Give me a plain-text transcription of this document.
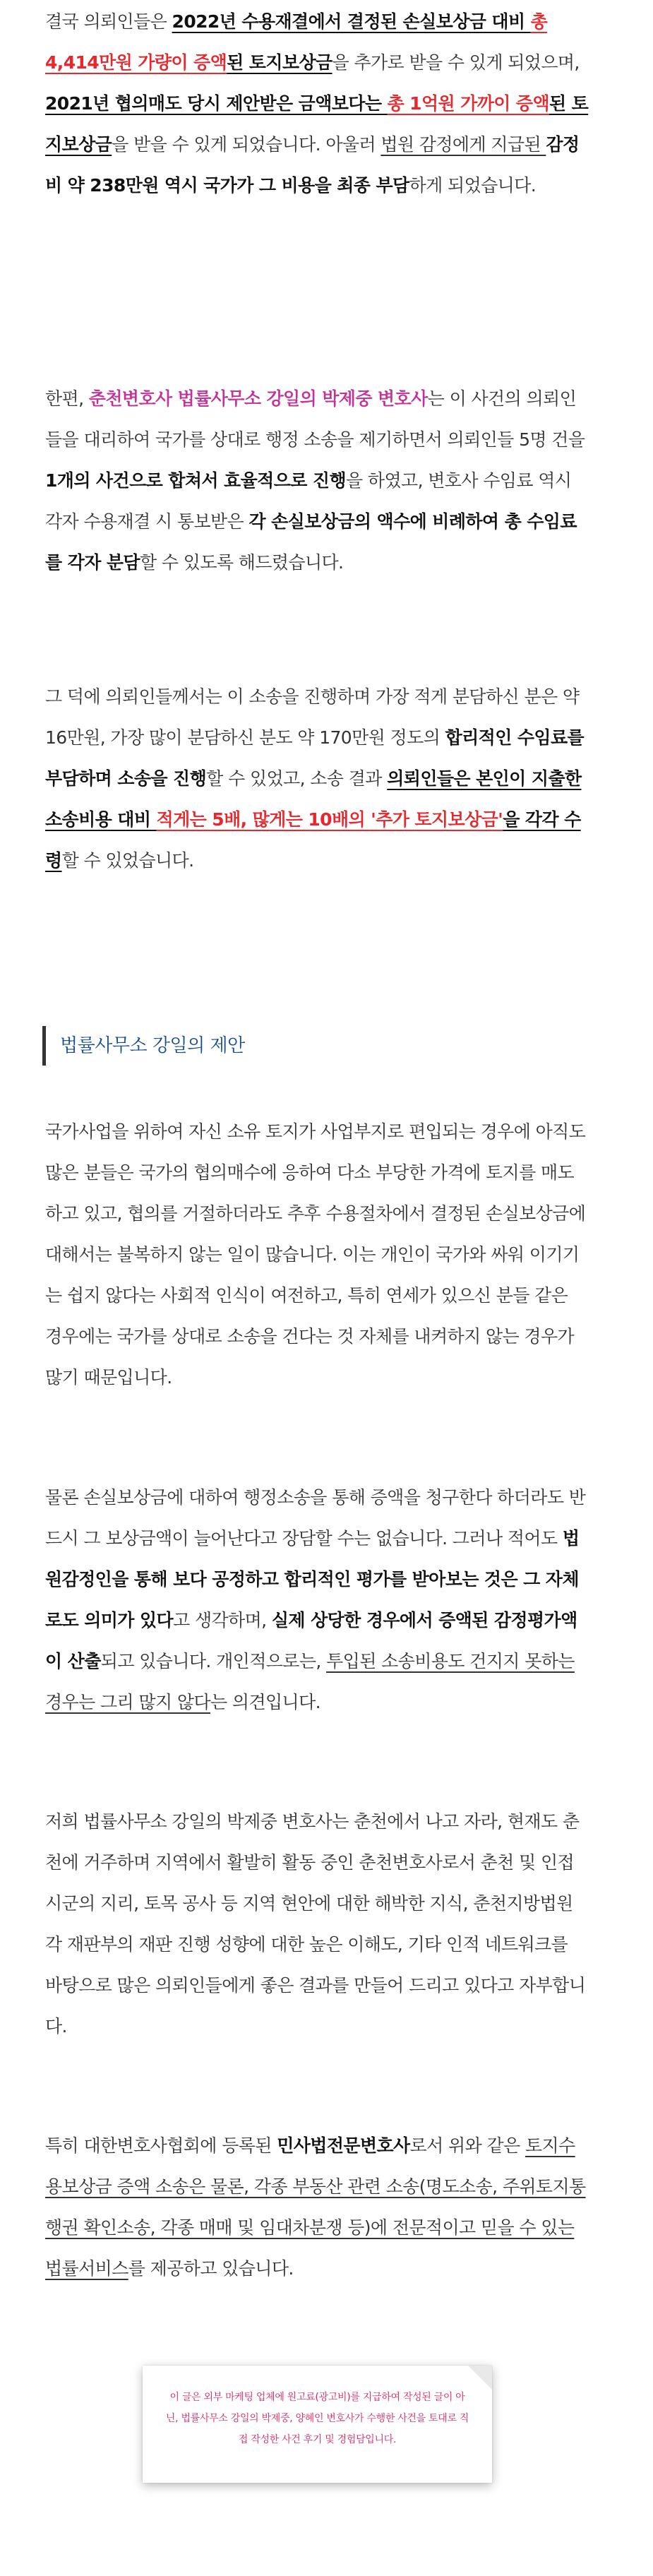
결국 의뢰인들은 2022년 수용재결에서 결정된 손실보상금 대비 총 4,414만원 가량이 증액된 토지보상금을 추가로 받을 수 있게 되었으며, 2021년 협의매도 당시 제안받은 금액보다는 총 1억원 가까이 증액된 토지보상금을 받을 수 있게 되었습니다. 아울러 법원 감정에게 지급된 감정비 약 238만원 역시 국가가 그 비용을 최종 부담하게 되었습니다.

한편, 춘천변호사 법률사무소 강일의 박제중 변호사는 이 사건의 의뢰인들을 대리하여 국가를 상대로 행정 소송을 제기하면서 의뢰인들 5명 건을 1개의 사건으로 합쳐서 효율적으로 진행을 하였고, 변호사 수임료 역시 각자 수용재결 시 통보받은 각 손실보상금의 액수에 비례하여 총 수임료를 각자 분담할 수 있도록 해드렸습니다.

그 덕에 의뢰인들께서는 이 소송을 진행하며 가장 적게 분담하신 분은 약 16만원, 가장 많이 분담하신 분도 약 170만원 정도의 합리적인 수임료를 부담하며 소송을 진행할 수 있었고, 소송 결과 의뢰인들은 본인이 지출한 소송비용 대비 적게는 5배, 많게는 10배의 '추가 토지보상금'을 각각 수령할 수 있었습니다.

국가사업을 위하여 자신 소유 토지가 사업부지로 편입되는 경우에 아직도 많은 분들은 국가의 협의매수에 응하여 다소 부당한 가격에 토지를 매도하고 있고, 협의를 거절하더라도 추후 수용절차에서 결정된 손실보상금에 대해서는 불복하지 않는 일이 많습니다. 이는 개인이 국가와 싸워 이기기는 쉽지 않다는 사회적 인식이 여전하고, 특히 연세가 있으신 분들 같은 경우에는 국가를 상대로 소송을 건다는 것 자체를 내켜하지 않는 경우가 많기 때문입니다.

물론 손실보상금에 대하여 행정소송을 통해 증액을 청구한다 하더라도 반드시 그 보상금액이 늘어난다고 장담할 수는 없습니다. 그러나 적어도 법원감정인을 통해 보다 공정하고 합리적인 평가를 받아보는 것은 그 자체로도 의미가 있다고 생각하며, 실제 상당한 경우에서 증액된 감정평가액이 산출되고 있습니다. 개인적으로는, 투입된 소송비용도 건지지 못하는 경우는 그리 많지 않다는 의견입니다.

저희 법률사무소 강일의 박제중 변호사는 춘천에서 나고 자라, 현재도 춘천에 거주하며 지역에서 활발히 활동 중인 춘천변호사로서 춘천 및 인접 시군의 지리, 토목 공사 등 지역 현안에 대한 해박한 지식, 춘천지방법원 각 재판부의 재판 진행 성향에 대한 높은 이해도, 기타 인적 네트워크를 바탕으로 많은 의뢰인들에게 좋은 결과를 만들어 드리고 있다고 자부합니다.

특히 대한변호사협회에 등록된 민사법전문변호사로서 위와 같은 토지수용보상금 증액 소송은 물론, 각종 부동산 관련 소송(명도소송, 주위토지통행권 확인소송, 각종 매매 및 임대차분쟁 등)에 전문적이고 믿을 수 있는 법률서비스를 제공하고 있습니다.

법률사무소 강일의 제안
이 글은 외부 마케팅 업체에 원고료(광고비)를 지급하여 작성된 글이 아닌, 법률사무소 강일의 박제중, 양혜인 변호사가 수행한 사건을 토대로 직접 작성한 사건 후기 및 경험담입니다.
